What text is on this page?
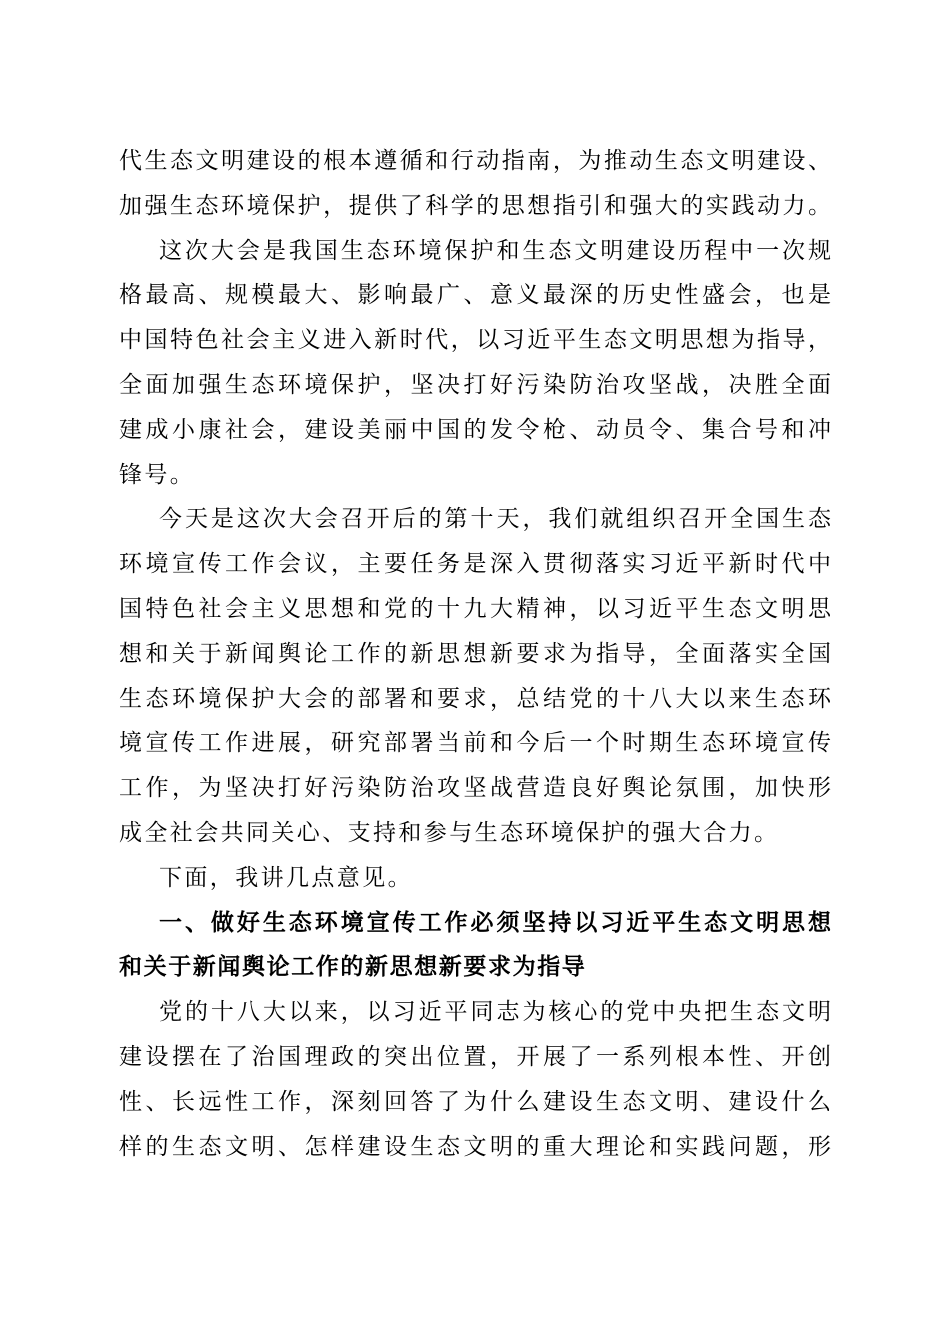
代生态文明建设的根本遵循和行动指南，为推动生态文明建设、
加强生态环境保护，提供了科学的思想指引和强大的实践动力。
这次大会是我国生态环境保护和生态文明建设历程中一次规
格最高、规模最大、影响最广、意义最深的历史性盛会，也是
中国特色社会主义进入新时代，以习近平生态文明思想为指导，
全面加强生态环境保护，坚决打好污染防治攻坚战，决胜全面
建成小康社会，建设美丽中国的发令枪、动员令、集合号和冲
锋号。
今天是这次大会召开后的第十天，我们就组织召开全国生态
环境宣传工作会议，主要任务是深入贯彻落实习近平新时代中
国特色社会主义思想和党的十九大精神，以习近平生态文明思
想和关于新闻舆论工作的新思想新要求为指导，全面落实全国
生态环境保护大会的部署和要求，总结党的十八大以来生态环
境宣传工作进展，研究部署当前和今后一个时期生态环境宣传
工作，为坚决打好污染防治攻坚战营造良好舆论氛围，加快形
成全社会共同关心、支持和参与生态环境保护的强大合力。
下面，我讲几点意见。
一、做好生态环境宣传工作必须坚持以习近平生态文明思想
和关于新闻舆论工作的新思想新要求为指导
党的十八大以来，以习近平同志为核心的党中央把生态文明
建设摆在了治国理政的突出位置，开展了一系列根本性、开创
性、长远性工作，深刻回答了为什么建设生态文明、建设什么
样的生态文明、怎样建设生态文明的重大理论和实践问题，形
